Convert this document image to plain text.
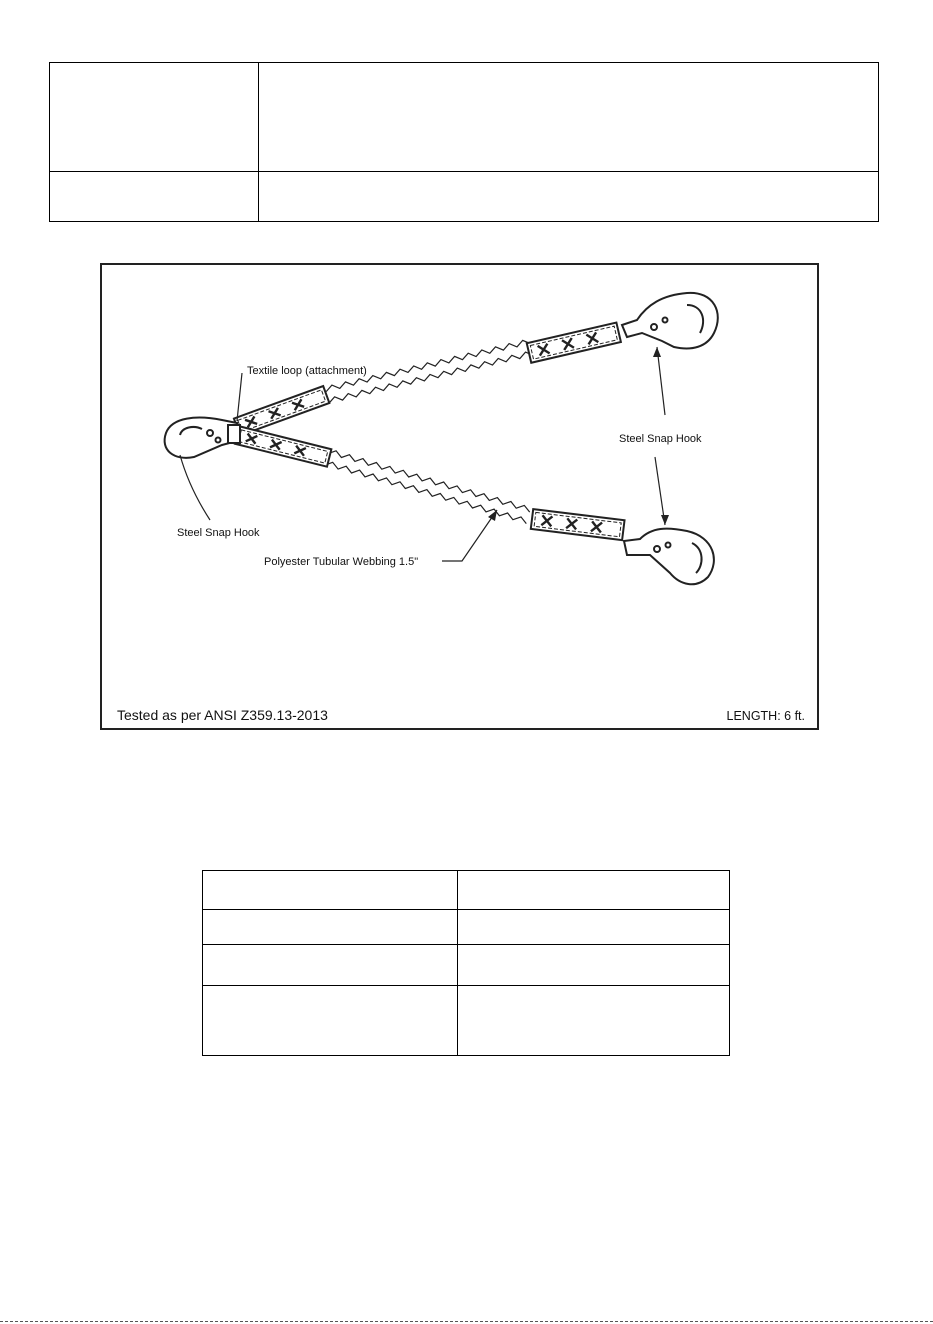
Textile loop (attachment)
Steel Snap Hook
Steel Snap Hook
Polyester Tubular Webbing 1.5"
Tested as per ANSI Z359.13-2013	LENGTH: 6 ft.
